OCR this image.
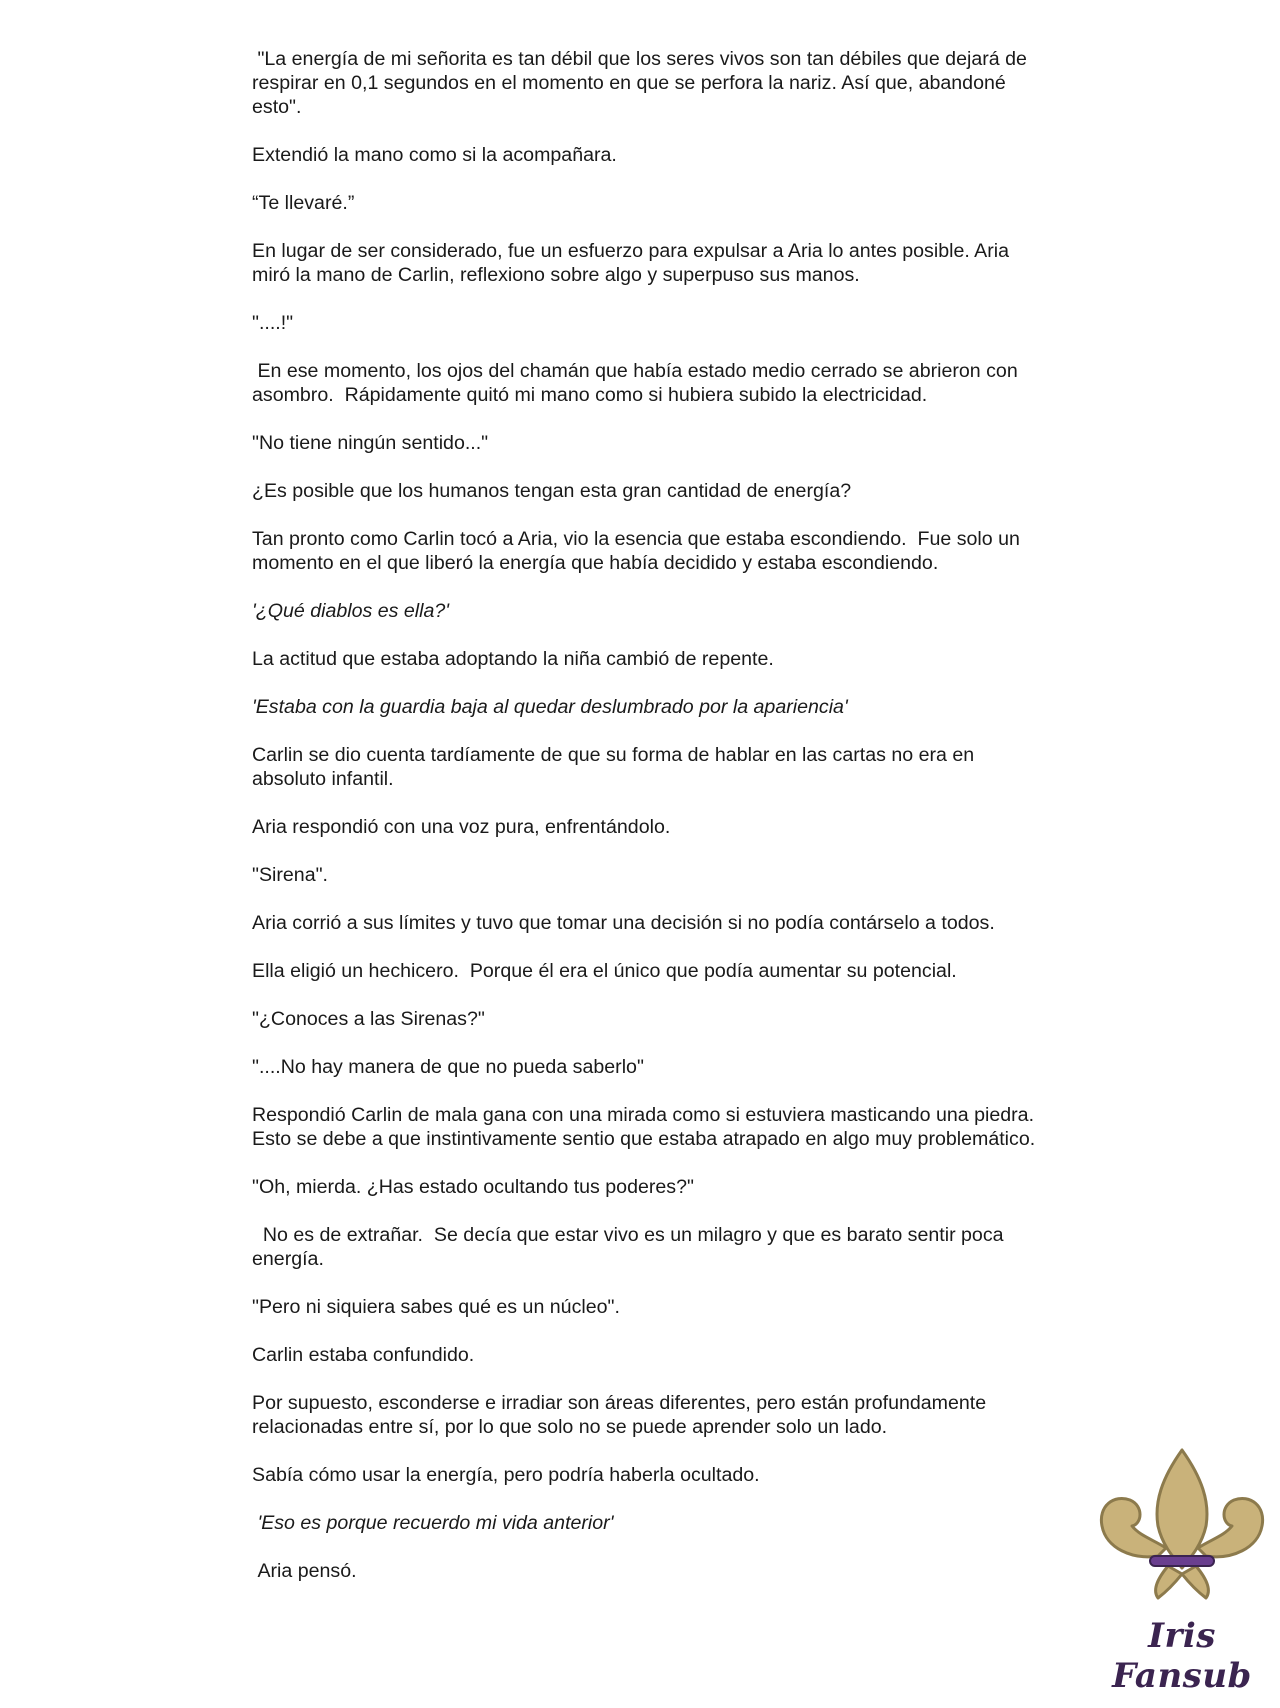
"La energía de mi señorita es tan débil que los seres vivos son tan débiles que dejará de respirar en 0,1 segundos en el momento en que se perfora la nariz. Así que, abandoné esto".

Extendió la mano como si la acompañara.

“Te llevaré.”

En lugar de ser considerado, fue un esfuerzo para expulsar a Aria lo antes posible. Aria miró la mano de Carlin, reflexiono sobre algo y superpuso sus manos.

"....!"

En ese momento, los ojos del chamán que había estado medio cerrado se abrieron con asombro.  Rápidamente quitó mi mano como si hubiera subido la electricidad.

"No tiene ningún sentido..."

¿Es posible que los humanos tengan esta gran cantidad de energía?

Tan pronto como Carlin tocó a Aria, vio la esencia que estaba escondiendo.  Fue solo un momento en el que liberó la energía que había decidido y estaba escondiendo.

'¿Qué diablos es ella?'

La actitud que estaba adoptando la niña cambió de repente.

'Estaba con la guardia baja al quedar deslumbrado por la apariencia'

Carlin se dio cuenta tardíamente de que su forma de hablar en las cartas no era en absoluto infantil.

Aria respondió con una voz pura, enfrentándolo.

"Sirena".

Aria corrió a sus límites y tuvo que tomar una decisión si no podía contárselo a todos.

Ella eligió un hechicero.  Porque él era el único que podía aumentar su potencial.

"¿Conoces a las Sirenas?"

"....No hay manera de que no pueda saberlo"

Respondió Carlin de mala gana con una mirada como si estuviera masticando una piedra.  Esto se debe a que instintivamente sentio que estaba atrapado en algo muy problemático.

"Oh, mierda. ¿Has estado ocultando tus poderes?"

No es de extrañar.  Se decía que estar vivo es un milagro y que es barato sentir poca energía.

"Pero ni siquiera sabes qué es un núcleo".

Carlin estaba confundido.

Por supuesto, esconderse e irradiar son áreas diferentes, pero están profundamente relacionadas entre sí, por lo que solo no se puede aprender solo un lado.

Sabía cómo usar la energía, pero podría haberla ocultado.

'Eso es porque recuerdo mi vida anterior'

Aria pensó.

Iris Fansub
